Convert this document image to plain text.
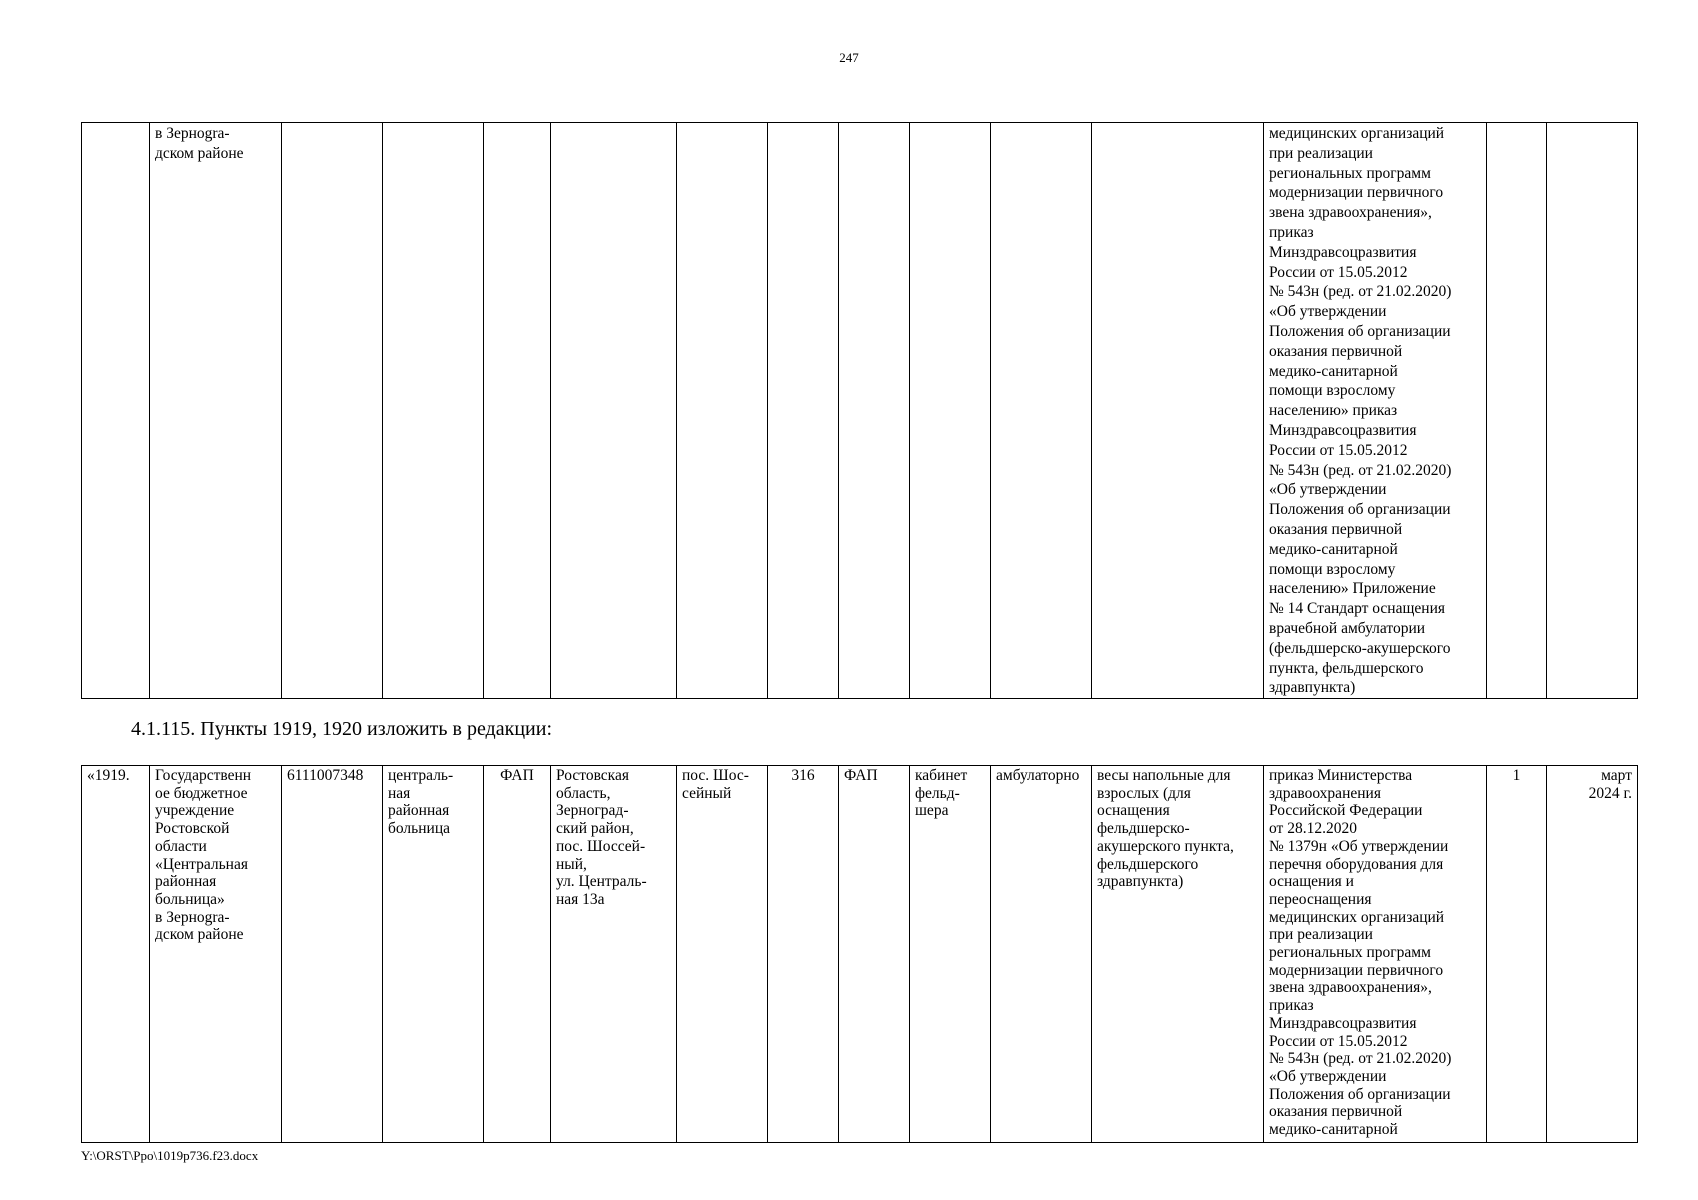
247
	в Зернogra-
дском районе											медицинских организаций
при реализации
региональных программ
модернизации первичного
звена здравоохранения»,
приказ
Минздравсоцразвития
России от 15.05.2012
№ 543н (ред. от 21.02.2020)
«Об утверждении
Положения об организации
оказания первичной
медико-санитарной
помощи взрослому
населению» приказ
Минздравсоцразвития
России от 15.05.2012
№ 543н (ред. от 21.02.2020)
«Об утверждении
Положения об организации
оказания первичной
медико-санитарной
помощи взрослому
населению» Приложение
№ 14 Стандарт оснащения
врачебной амбулатории
(фельдшерско-акушерского
пункта, фельдшерского
здравпункта)		
4.1.115. Пункты 1919, 1920 изложить в редакции:
«1919.	Государственн
ое бюджетное
учреждение
Ростовской
области
«Центральная
районная
больница»
в Зернogra-
дском районе	6111007348	централь-
ная
районная
больница	ФАП	Ростовская
область,
Зерноград-
ский район,
пос. Шоссей-
ный,
ул. Централь-
ная 13а	пос. Шос-
сейный	316	ФАП	кабинет
фельд-
шера	амбулаторно	весы напольные для
взрослых (для
оснащения
фельдшерско-
акушерского пункта,
фельдшерского
здравпункта)	приказ Министерства
здравоохранения
Российской Федерации
от 28.12.2020
№ 1379н «Об утверждении
перечня оборудования для
оснащения и
переоснащения
медицинских организаций
при реализации
региональных программ
модернизации первичного
звена здравоохранения»,
приказ
Минздравсоцразвития
России от 15.05.2012
№ 543н (ред. от 21.02.2020)
«Об утверждении
Положения об организации
оказания первичной
медико-санитарной	1	март
2024 г.
Y:\ORST\Ppo\1019p736.f23.docx
